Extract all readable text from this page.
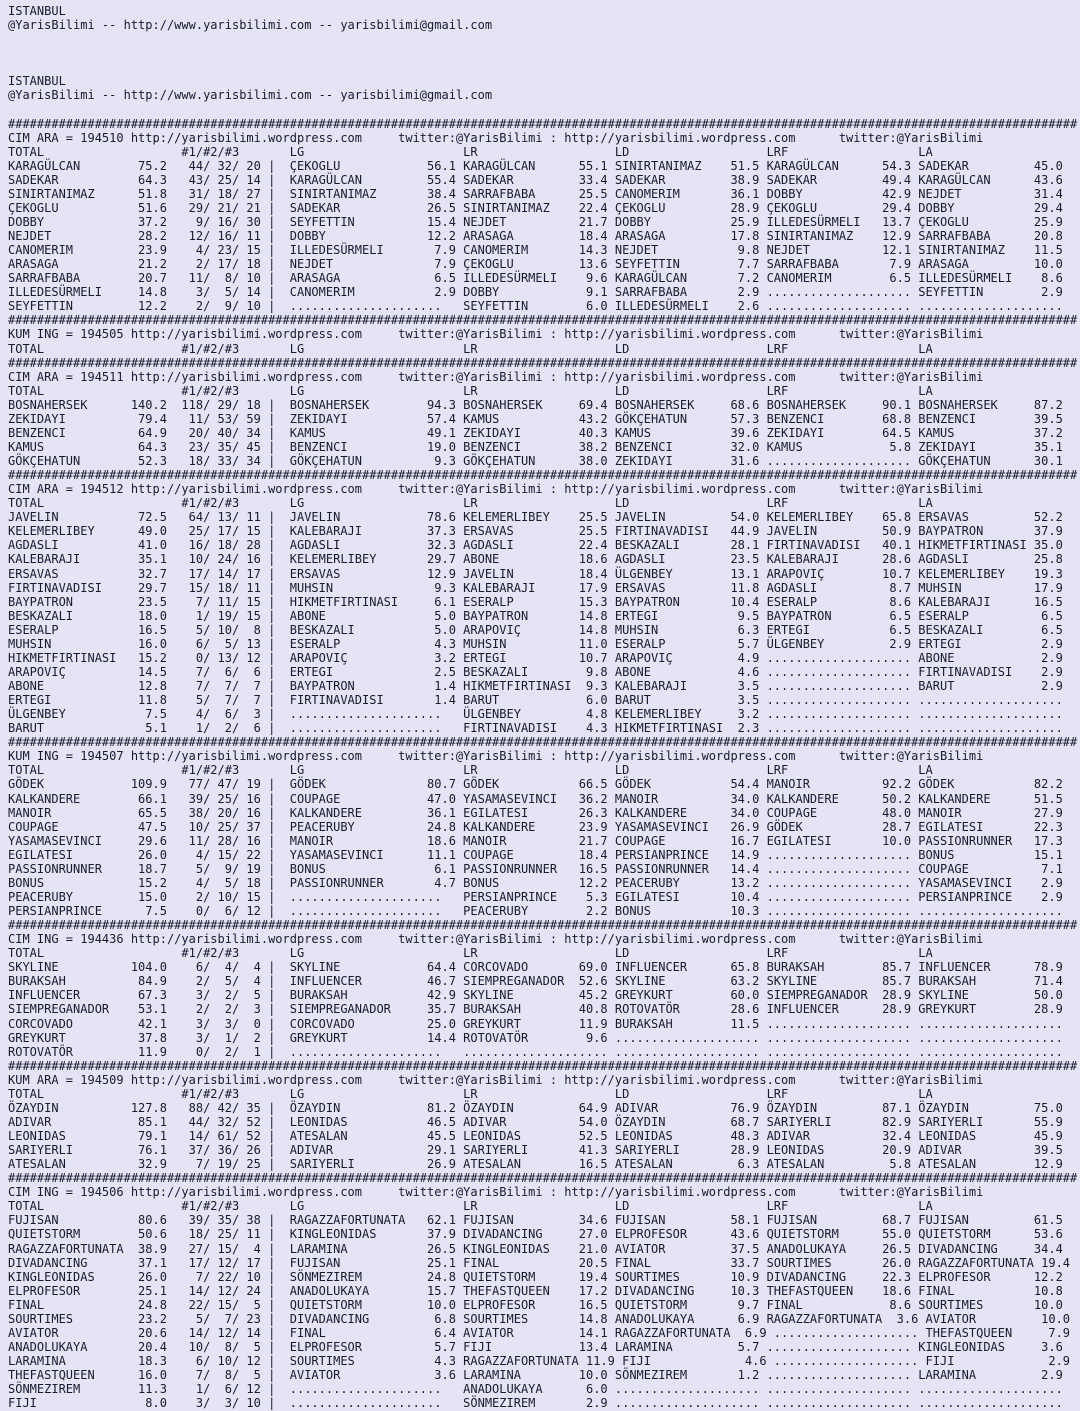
ISTANBUL
@YarisBilimi -- http://www.yarisbilimi.com -- yarisbilimi@gmail.com
ISTANBUL
@YarisBilimi -- http://www.yarisbilimi.com -- yarisbilimi@gmail.com
####################################################################################################################################################
CIM ARA = 194510 http://yarisbilimi.wordpress.com     twitter:@YarisBilimi : http://yarisbilimi.wordpress.com      twitter:@YarisBilimi
TOTAL                   #1/#2/#3       LG                      LR                   LD                   LRF                  LA
KARAGÜLCAN        75.2   44/ 32/ 20 |  ÇEKOGLU            56.1 KARAGÜLCAN      55.1 SINIRTANIMAZ    51.5 KARAGÜLCAN      54.3 SADEKAR         45.0
SADEKAR           64.3   43/ 25/ 14 |  KARAGÜLCAN         55.4 SADEKAR         33.4 SADEKAR         38.9 SADEKAR         49.4 KARAGÜLCAN      43.6
SINIRTANIMAZ      51.8   31/ 18/ 27 |  SINIRTANIMAZ       38.4 SARRAFBABA      25.5 CANOMERIM       36.1 DOBBY           42.9 NEJDET          31.4
ÇEKOGLU           51.6   29/ 21/ 21 |  SADEKAR            26.5 SINIRTANIMAZ    22.4 ÇEKOGLU         28.9 ÇEKOGLU         29.4 DOBBY           29.4
DOBBY             37.2    9/ 16/ 30 |  SEYFETTIN          15.4 NEJDET          21.7 DOBBY           25.9 ILLEDESÜRMELI   13.7 ÇEKOGLU         25.9
NEJDET            28.2   12/ 16/ 11 |  DOBBY              12.2 ARASAGA         18.4 ARASAGA         17.8 SINIRTANIMAZ    12.9 SARRAFBABA      20.8
CANOMERIM         23.9    4/ 23/ 15 |  ILLEDESÜRMELI       7.9 CANOMERIM       14.3 NEJDET           9.8 NEJDET          12.1 SINIRTANIMAZ    11.5
ARASAGA           21.2    2/ 17/ 18 |  NEJDET              7.9 ÇEKOGLU         13.6 SEYFETTIN        7.7 SARRAFBABA       7.9 ARASAGA         10.0
SARRAFBABA        20.7   11/  8/ 10 |  ARASAGA             6.5 ILLEDESÜRMELI    9.6 KARAGÜLCAN       7.2 CANOMERIM        6.5 ILLEDESÜRMELI    8.6
ILLEDESÜRMELI     14.8    3/  5/ 14 |  CANOMERIM           2.9 DOBBY            9.1 SARRAFBABA       2.9 .................... SEYFETTIN        2.9
SEYFETTIN         12.2    2/  9/ 10 |  .....................   SEYFETTIN        6.0 ILLEDESÜRMELI    2.6 .................... ....................
####################################################################################################################################################
KUM ING = 194505 http://yarisbilimi.wordpress.com     twitter:@YarisBilimi : http://yarisbilimi.wordpress.com      twitter:@YarisBilimi
TOTAL                   #1/#2/#3       LG                      LR                   LD                   LRF                  LA
####################################################################################################################################################
CIM ARA = 194511 http://yarisbilimi.wordpress.com     twitter:@YarisBilimi : http://yarisbilimi.wordpress.com      twitter:@YarisBilimi
TOTAL                   #1/#2/#3       LG                      LR                   LD                   LRF                  LA
BOSNAHERSEK      140.2  118/ 29/ 18 |  BOSNAHERSEK        94.3 BOSNAHERSEK     69.4 BOSNAHERSEK     68.6 BOSNAHERSEK     90.1 BOSNAHERSEK     87.2
ZEKIDAYI          79.4   11/ 53/ 59 |  ZEKIDAYI           57.4 KAMUS           43.2 GÖKÇEHATUN      57.3 BENZENCI        68.8 BENZENCI        39.5
BENZENCI          64.9   20/ 40/ 34 |  KAMUS              49.1 ZEKIDAYI        40.3 KAMUS           39.6 ZEKIDAYI        64.5 KAMUS           37.2
KAMUS             64.3   23/ 35/ 45 |  BENZENCI           19.0 BENZENCI        38.2 BENZENCI        32.0 KAMUS            5.8 ZEKIDAYI        35.1
GÖKÇEHATUN        52.3   18/ 33/ 34 |  GÖKÇEHATUN          9.3 GÖKÇEHATUN      38.0 ZEKIDAYI        31.6 .................... GÖKÇEHATUN      30.1
####################################################################################################################################################
CIM ARA = 194512 http://yarisbilimi.wordpress.com     twitter:@YarisBilimi : http://yarisbilimi.wordpress.com      twitter:@YarisBilimi
TOTAL                   #1/#2/#3       LG                      LR                   LD                   LRF                  LA
JAVELIN           72.5   64/ 13/ 11 |  JAVELIN            78.6 KELEMERLIBEY    25.5 JAVELIN         54.0 KELEMERLIBEY    65.8 ERSAVAS         52.2
KELEMERLIBEY      49.0   25/ 17/ 15 |  KALEBARAJI         37.3 ERSAVAS         25.5 FIRTINAVADISI   44.9 JAVELIN         50.9 BAYPATRON       37.9
AGDASLI           41.0   16/ 18/ 28 |  AGDASLI            32.3 AGDASLI         22.4 BESKAZALI       28.1 FIRTINAVADISI   40.1 HIKMETFIRTINASI 35.0
KALEBARAJI        35.1   10/ 24/ 16 |  KELEMERLIBEY       29.7 ABONE           18.6 AGDASLI         23.5 KALEBARAJI      28.6 AGDASLI         25.8
ERSAVAS           32.7   17/ 14/ 17 |  ERSAVAS            12.9 JAVELIN         18.4 ÜLGENBEY        13.1 ARAPOVIÇ        10.7 KELEMERLIBEY    19.3
FIRTINAVADISI     29.7   15/ 18/ 11 |  MUHSIN              9.3 KALEBARAJI      17.9 ERSAVAS         11.8 AGDASLI          8.7 MUHSIN          17.9
BAYPATRON         23.5    7/ 11/ 15 |  HIKMETFIRTINASI     6.1 ESERALP         15.3 BAYPATRON       10.4 ESERALP          8.6 KALEBARAJI      16.5
BESKAZALI         18.0    1/ 19/ 15 |  ABONE               5.0 BAYPATRON       14.8 ERTEGI           9.5 BAYPATRON        6.5 ESERALP          6.5
ESERALP           16.5    5/ 10/  8 |  BESKAZALI           5.0 ARAPOVIÇ        14.8 MUHSIN           6.3 ERTEGI           6.5 BESKAZALI        6.5
MUHSIN            16.0    6/  5/ 13 |  ESERALP             4.3 MUHSIN          11.0 ESERALP          5.7 ÜLGENBEY         2.9 ERTEGI           2.9
HIKMETFIRTINASI   15.2    0/ 13/ 12 |  ARAPOVIÇ            3.2 ERTEGI          10.7 ARAPOVIÇ         4.9 .................... ABONE            2.9
ARAPOVIÇ          14.5    7/  6/  6 |  ERTEGI              2.5 BESKAZALI        9.8 ABONE            4.6 .................... FIRTINAVADISI    2.9
ABONE             12.8    7/  7/  7 |  BAYPATRON           1.4 HIKMETFIRTINASI  9.3 KALEBARAJI       3.5 .................... BARUT            2.9
ERTEGI            11.8    5/  7/  7 |  FIRTINAVADISI       1.4 BARUT            6.0 BARUT            3.5 .................... ....................
ÜLGENBEY           7.5    4/  6/  3 |  .....................   ÜLGENBEY         4.8 KELEMERLIBEY     3.2 .................... ....................
BARUT              5.1    1/  2/  6 |  .....................   FIRTINAVADISI    4.3 HIKMETFIRTINASI  2.3 .................... ....................
####################################################################################################################################################
KUM ING = 194507 http://yarisbilimi.wordpress.com     twitter:@YarisBilimi : http://yarisbilimi.wordpress.com      twitter:@YarisBilimi
TOTAL                   #1/#2/#3       LG                      LR                   LD                   LRF                  LA
GÖDEK            109.9   77/ 47/ 19 |  GÖDEK              80.7 GÖDEK           66.5 GÖDEK           54.4 MANOIR          92.2 GÖDEK           82.2
KALKANDERE        66.1   39/ 25/ 16 |  COUPAGE            47.0 YASAMASEVINCI   36.2 MANOIR          34.0 KALKANDERE      50.2 KALKANDERE      51.5
MANOIR            65.5   38/ 20/ 16 |  KALKANDERE         36.1 EGILATESI       26.3 KALKANDERE      34.0 COUPAGE         48.0 MANOIR          27.9
COUPAGE           47.5   10/ 25/ 37 |  PEACERUBY          24.8 KALKANDERE      23.9 YASAMASEVINCI   26.9 GÖDEK           28.7 EGILATESI       22.3
YASAMASEVINCI     29.6   11/ 28/ 16 |  MANOIR             18.6 MANOIR          21.7 COUPAGE         16.7 EGILATESI       10.0 PASSIONRUNNER   17.3
EGILATESI         26.0    4/ 15/ 22 |  YASAMASEVINCI      11.1 COUPAGE         18.4 PERSIANPRINCE   14.9 .................... BONUS           15.1
PASSIONRUNNER     18.7    5/  9/ 19 |  BONUS               6.1 PASSIONRUNNER   16.5 PASSIONRUNNER   14.4 .................... COUPAGE          7.1
BONUS             15.2    4/  5/ 18 |  PASSIONRUNNER       4.7 BONUS           12.2 PEACERUBY       13.2 .................... YASAMASEVINCI    2.9
PEACERUBY         15.0    2/ 10/ 15 |  .....................   PERSIANPRINCE    5.3 EGILATESI       10.4 .................... PERSIANPRINCE    2.9
PERSIANPRINCE      7.5    0/  6/ 12 |  .....................   PEACERUBY        2.2 BONUS           10.3 .................... ....................
####################################################################################################################################################
CIM ING = 194436 http://yarisbilimi.wordpress.com     twitter:@YarisBilimi : http://yarisbilimi.wordpress.com      twitter:@YarisBilimi
TOTAL                   #1/#2/#3       LG                      LR                   LD                   LRF                  LA
SKYLINE          104.0    6/  4/  4 |  SKYLINE            64.4 CORCOVADO       69.0 INFLUENCER      65.8 BURAKSAH        85.7 INFLUENCER      78.9
BURAKSAH          84.9    2/  5/  4 |  INFLUENCER         46.7 SIEMPREGANADOR  52.6 SKYLINE         63.2 SKYLINE         85.7 BURAKSAH        71.4
INFLUENCER        67.3    3/  2/  5 |  BURAKSAH           42.9 SKYLINE         45.2 GREYKURT        60.0 SIEMPREGANADOR  28.9 SKYLINE         50.0
SIEMPREGANADOR    53.1    2/  2/  3 |  SIEMPREGANADOR     35.7 BURAKSAH        40.8 ROTOVATÖR       28.6 INFLUENCER      28.9 GREYKURT        28.9
CORCOVADO         42.1    3/  3/  0 |  CORCOVADO          25.0 GREYKURT        11.9 BURAKSAH        11.5 .................... ....................
GREYKURT          37.8    3/  1/  2 |  GREYKURT           14.4 ROTOVATÖR        9.6 .................... .................... ....................
ROTOVATÖR         11.9    0/  2/  1 |  .....................   .................... .................... .................... ....................
####################################################################################################################################################
KUM ARA = 194509 http://yarisbilimi.wordpress.com     twitter:@YarisBilimi : http://yarisbilimi.wordpress.com      twitter:@YarisBilimi
TOTAL                   #1/#2/#3       LG                      LR                   LD                   LRF                  LA
ÖZAYDIN          127.8   88/ 42/ 35 |  ÖZAYDIN            81.2 ÖZAYDIN         64.9 ADIVAR          76.9 ÖZAYDIN         87.1 ÖZAYDIN         75.0
ADIVAR            85.1   44/ 32/ 52 |  LEONIDAS           46.5 ADIVAR          54.0 ÖZAYDIN         68.7 SARIYERLI       82.9 SARIYERLI       55.9
LEONIDAS          79.1   14/ 61/ 52 |  ATESALAN           45.5 LEONIDAS        52.5 LEONIDAS        48.3 ADIVAR          32.4 LEONIDAS        45.9
SARIYERLI         76.1   37/ 36/ 26 |  ADIVAR             29.1 SARIYERLI       41.3 SARIYERLI       28.9 LEONIDAS        20.9 ADIVAR          39.5
ATESALAN          32.9    7/ 19/ 25 |  SARIYERLI          26.9 ATESALAN        16.5 ATESALAN         6.3 ATESALAN         5.8 ATESALAN        12.9
####################################################################################################################################################
CIM ING = 194506 http://yarisbilimi.wordpress.com     twitter:@YarisBilimi : http://yarisbilimi.wordpress.com      twitter:@YarisBilimi
TOTAL                   #1/#2/#3       LG                      LR                   LD                   LRF                  LA
FUJISAN           80.6   39/ 35/ 38 |  RAGAZZAFORTUNATA   62.1 FUJISAN         34.6 FUJISAN         58.1 FUJISAN         68.7 FUJISAN         61.5
QUIETSTORM        50.6   18/ 25/ 11 |  KINGLEONIDAS       37.9 DIVADANCING     27.0 ELPROFESOR      43.6 QUIETSTORM      55.0 QUIETSTORM      53.6
RAGAZZAFORTUNATA  38.9   27/ 15/  4 |  LARAMINA           26.5 KINGLEONIDAS    21.0 AVIATOR         37.5 ANADOLUKAYA     26.5 DIVADANCING     34.4
DIVADANCING       37.1   17/ 12/ 17 |  FUJISAN            25.1 FINAL           20.5 FINAL           33.7 SOURTIMES       26.0 RAGAZZAFORTUNATA 19.4
KINGLEONIDAS      26.0    7/ 22/ 10 |  SÖNMEZIREM         24.8 QUIETSTORM      19.4 SOURTIMES       10.9 DIVADANCING     22.3 ELPROFESOR      12.2
ELPROFESOR        25.1   14/ 12/ 24 |  ANADOLUKAYA        15.7 THEFASTQUEEN    17.2 DIVADANCING     10.3 THEFASTQUEEN    18.6 FINAL           10.8
FINAL             24.8   22/ 15/  5 |  QUIETSTORM         10.0 ELPROFESOR      16.5 QUIETSTORM       9.7 FINAL            8.6 SOURTIMES       10.0
SOURTIMES         23.2    5/  7/ 23 |  DIVADANCING         6.8 SOURTIMES       14.8 ANADOLUKAYA      6.9 RAGAZZAFORTUNATA  3.6 AVIATOR         10.0
AVIATOR           20.6   14/ 12/ 14 |  FINAL               6.4 AVIATOR         14.1 RAGAZZAFORTUNATA  6.9 .................... THEFASTQUEEN     7.9
ANADOLUKAYA       20.4   10/  8/  5 |  ELPROFESOR          5.7 FIJI            13.4 LARAMINA         5.7 .................... KINGLEONIDAS     3.6
LARAMINA          18.3    6/ 10/ 12 |  SOURTIMES           4.3 RAGAZZAFORTUNATA 11.9 FIJI             4.6 .................... FIJI             2.9
THEFASTQUEEN      16.0    7/  8/  5 |  AVIATOR             3.6 LARAMINA        10.0 SÖNMEZIREM       1.2 .................... LARAMINA         2.9
SÖNMEZIREM        11.3    1/  6/ 12 |  .....................   ANADOLUKAYA      6.0 .................... .................... ....................
FIJI               8.0    3/  3/ 10 |  .....................   SÖNMEZIREM       2.9 .................... .................... ....................
